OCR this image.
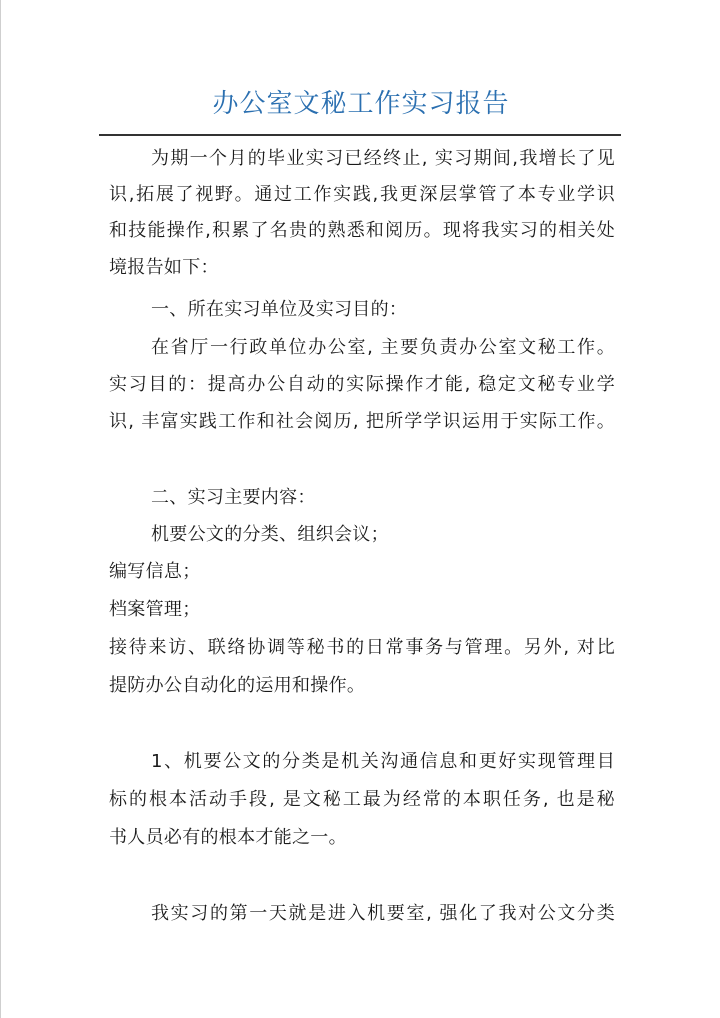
办公室文秘工作实习报告
为期一个月的毕业实习已经终止, 实习期间,我增长了见
识,拓展了视野。通过工作实践,我更深层掌管了本专业学识
和技能操作,积累了名贵的熟悉和阅历。现将我实习的相关处
境报告如下：
一、所在实习单位及实习目的：
在省厅一行政单位办公室, 主要负责办公室文秘工作。
实习目的：提高办公自动的实际操作才能, 稳定文秘专业学
识, 丰富实践工作和社会阅历, 把所学学识运用于实际工作。
二、实习主要内容：
机要公文的分类、组织会议；
编写信息；
档案管理；
接待来访、联络协调等秘书的日常事务与管理。另外, 对比
提防办公自动化的运用和操作。
1、机要公文的分类是机关沟通信息和更好实现管理目
标的根本活动手段, 是文秘工最为经常的本职任务, 也是秘
书人员必有的根本才能之一。
我实习的第一天就是进入机要室, 强化了我对公文分类
